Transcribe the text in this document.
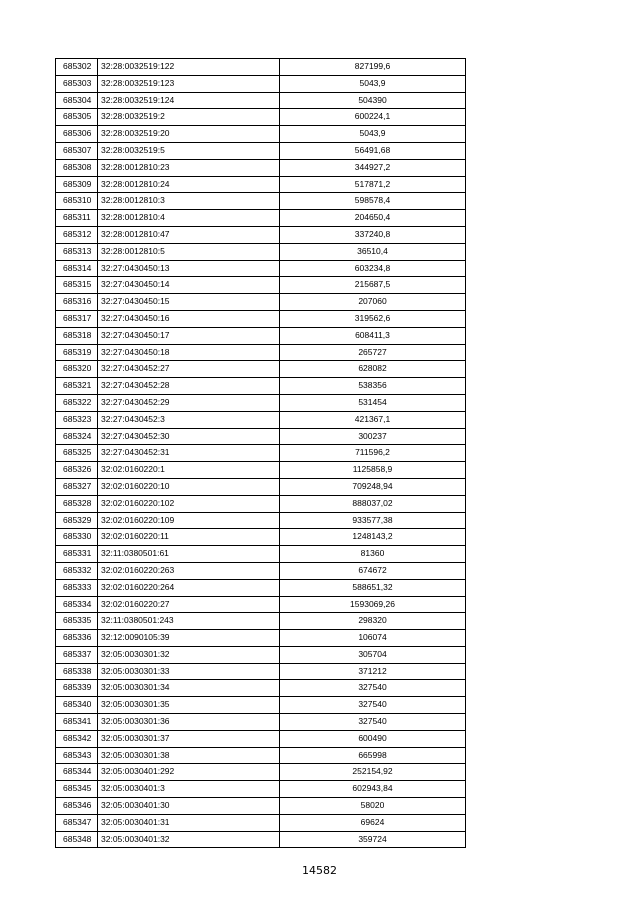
685302	32:28:0032519:122	827199,6
685303	32:28:0032519:123	5043,9
685304	32:28:0032519:124	504390
685305	32:28:0032519:2	600224,1
685306	32:28:0032519:20	5043,9
685307	32:28:0032519:5	56491,68
685308	32:28:0012810:23	344927,2
685309	32:28:0012810:24	517871,2
685310	32:28:0012810:3	598578,4
685311	32:28:0012810:4	204650,4
685312	32:28:0012810:47	337240,8
685313	32:28:0012810:5	36510,4
685314	32:27:0430450:13	603234,8
685315	32:27:0430450:14	215687,5
685316	32:27:0430450:15	207060
685317	32:27:0430450:16	319562,6
685318	32:27:0430450:17	608411,3
685319	32:27:0430450:18	265727
685320	32:27:0430452:27	628082
685321	32:27:0430452:28	538356
685322	32:27:0430452:29	531454
685323	32:27:0430452:3	421367,1
685324	32:27:0430452:30	300237
685325	32:27:0430452:31	711596,2
685326	32:02:0160220:1	1125858,9
685327	32:02:0160220:10	709248,94
685328	32:02:0160220:102	888037,02
685329	32:02:0160220:109	933577,38
685330	32:02:0160220:11	1248143,2
685331	32:11:0380501:61	81360
685332	32:02:0160220:263	674672
685333	32:02:0160220:264	588651,32
685334	32:02:0160220:27	1593069,26
685335	32:11:0380501:243	298320
685336	32:12:0090105:39	106074
685337	32:05:0030301:32	305704
685338	32:05:0030301:33	371212
685339	32:05:0030301:34	327540
685340	32:05:0030301:35	327540
685341	32:05:0030301:36	327540
685342	32:05:0030301:37	600490
685343	32:05:0030301:38	665998
685344	32:05:0030401:292	252154,92
685345	32:05:0030401:3	602943,84
685346	32:05:0030401:30	58020
685347	32:05:0030401:31	69624
685348	32:05:0030401:32	359724
14582
